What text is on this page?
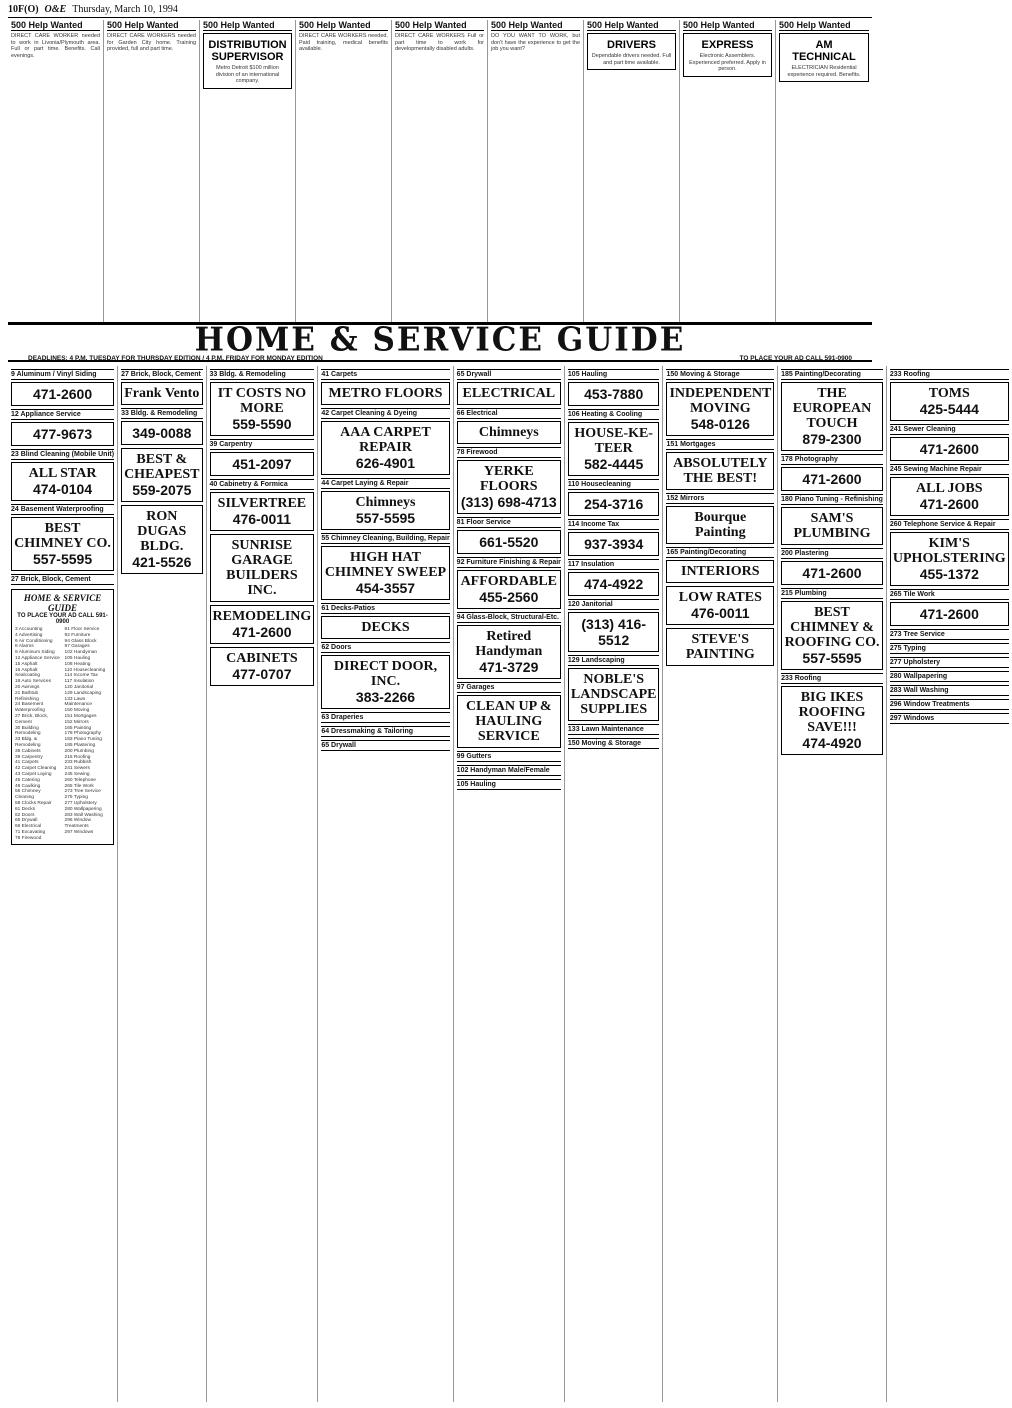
10F(O) O&E Thursday, March 10, 1994
500 Help Wanted
DIRECT CARE WORKER needed to work in Livonia/Plymouth area. Full or part time. Benefits. Call evenings.
500 Help Wanted
DIRECT CARE WORKERS needed for Garden City home. Training provided, full and part time.
500 Help Wanted
DISTRIBUTION SUPERVISOR
Metro Detroit $100 million division of an international company.
500 Help Wanted
DIRECT CARE WORKERS needed. Paid training, medical benefits available.
500 Help Wanted
DIRECT CARE WORKERS Full or part time to work for developmentally disabled adults.
500 Help Wanted
DO YOU WANT TO WORK, but don't have the experience to get the job you want?
500 Help Wanted
DRIVERS
Dependable drivers needed. Full and part time available.
500 Help Wanted
EXPRESS
Electronic Assemblers. Experienced preferred. Apply in person.
500 Help Wanted
AM TECHNICAL
ELECTRICIAN Residential experience required. Benefits.
HOME & SERVICE GUIDE
DEADLINES: 4 P.M. TUESDAY FOR THURSDAY EDITION / 4 P.M. FRIDAY FOR MONDAY EDITION	TO PLACE YOUR AD CALL 591-0900
9 Aluminum / Vinyl Siding
471-2600
12 Appliance Service
477-9673
23 Blind Cleaning (Mobile Unit)
ALL STAR
474-0104
24 Basement Waterproofing
BEST CHIMNEY CO.
557-5595
27 Brick, Block, Cement
HOME & SERVICE GUIDE
TO PLACE YOUR AD CALL 591-0900
3 Accounting
4 Advertising
6 Air Conditioning
8 Alarms
9 Aluminum Siding
12 Appliance Service
15 Asphalt
16 Asphalt Sealcoating
18 Auto Services
20 Awnings
21 Bathtub Refinishing
24 Basement Waterproofing
27 Brick, Block, Cement
30 Building Remodeling
33 Bldg. & Remodeling
36 Cabinets
39 Carpentry
41 Carpets
42 Carpet Cleaning
43 Carpet Laying
45 Catering
48 Caulking
55 Chimney Cleaning
58 Clocks Repair
61 Decks
62 Doors
65 Drywall
66 Electrical
71 Excavating
78 Firewood
81 Floor Service
92 Furniture
94 Glass Block
97 Garages
102 Handyman
105 Hauling
108 Heating
110 Housecleaning
114 Income Tax
117 Insulation
120 Janitorial
129 Landscaping
133 Lawn Maintenance
150 Moving
151 Mortgages
152 Mirrors
165 Painting
178 Photography
183 Piano Tuning
185 Plastering
200 Plumbing
215 Roofing
233 Rubbish
241 Sewers
245 Sewing
260 Telephone
265 Tile Work
273 Tree Service
275 Typing
277 Upholstery
280 Wallpapering
283 Wall Washing
296 Window Treatments
297 Windows
27 Brick, Block, Cement
Frank Vento
33 Bldg. & Remodeling
349-0088
BEST & CHEAPEST
559-2075
RON DUGAS BLDG.
421-5526
33 Bldg. & Remodeling
IT COSTS NO MORE
559-5590
39 Carpentry
451-2097
40 Cabinetry & Formica
SILVERTREE
476-0011
SUNRISE GARAGE BUILDERS INC.
REMODELING
471-2600
CABINETS
477-0707
41 Carpets
METRO FLOORS
42 Carpet Cleaning & Dyeing
AAA CARPET REPAIR
626-4901
44 Carpet Laying & Repair
Chimneys
557-5595
55 Chimney Cleaning, Building, Repair
HIGH HAT CHIMNEY SWEEP
454-3557
61 Decks-Patios
DECKS
62 Doors
DIRECT DOOR, INC.
383-2266
63 Draperies
64 Dressmaking & Tailoring
65 Drywall
65 Drywall
ELECTRICAL
66 Electrical
Chimneys
78 Firewood
YERKE FLOORS
(313) 698-4713
81 Floor Service
661-5520
92 Furniture Finishing & Repair
AFFORDABLE
455-2560
94 Glass-Block, Structural-Etc.
Retired Handyman
471-3729
97 Garages
CLEAN UP & HAULING SERVICE
99 Gutters
102 Handyman Male/Female
105 Hauling
105 Hauling
453-7880
106 Heating & Cooling
HOUSE-KE-TEER
582-4445
110 Housecleaning
254-3716
114 Income Tax
937-3934
117 Insulation
474-4922
120 Janitorial
(313) 416-5512
129 Landscaping
NOBLE'S LANDSCAPE SUPPLIES
133 Lawn Maintenance
150 Moving & Storage
150 Moving & Storage
INDEPENDENT MOVING
548-0126
151 Mortgages
ABSOLUTELY THE BEST!
152 Mirrors
Bourque Painting
165 Painting/Decorating
INTERIORS
LOW RATES
476-0011
STEVE'S PAINTING
185 Painting/Decorating
THE EUROPEAN TOUCH
879-2300
178 Photography
471-2600
180 Piano Tuning - Refinishing
SAM'S PLUMBING
200 Plastering
471-2600
215 Plumbing
BEST CHIMNEY & ROOFING CO.
557-5595
233 Roofing
BIG IKES ROOFING SAVE!!!
474-4920
233 Roofing
TOMS
425-5444
241 Sewer Cleaning
471-2600
245 Sewing Machine Repair
ALL JOBS
471-2600
260 Telephone Service & Repair
KIM'S UPHOLSTERING
455-1372
265 Tile Work
471-2600
273 Tree Service
275 Typing
277 Upholstery
280 Wallpapering
283 Wall Washing
296 Window Treatments
297 Windows
